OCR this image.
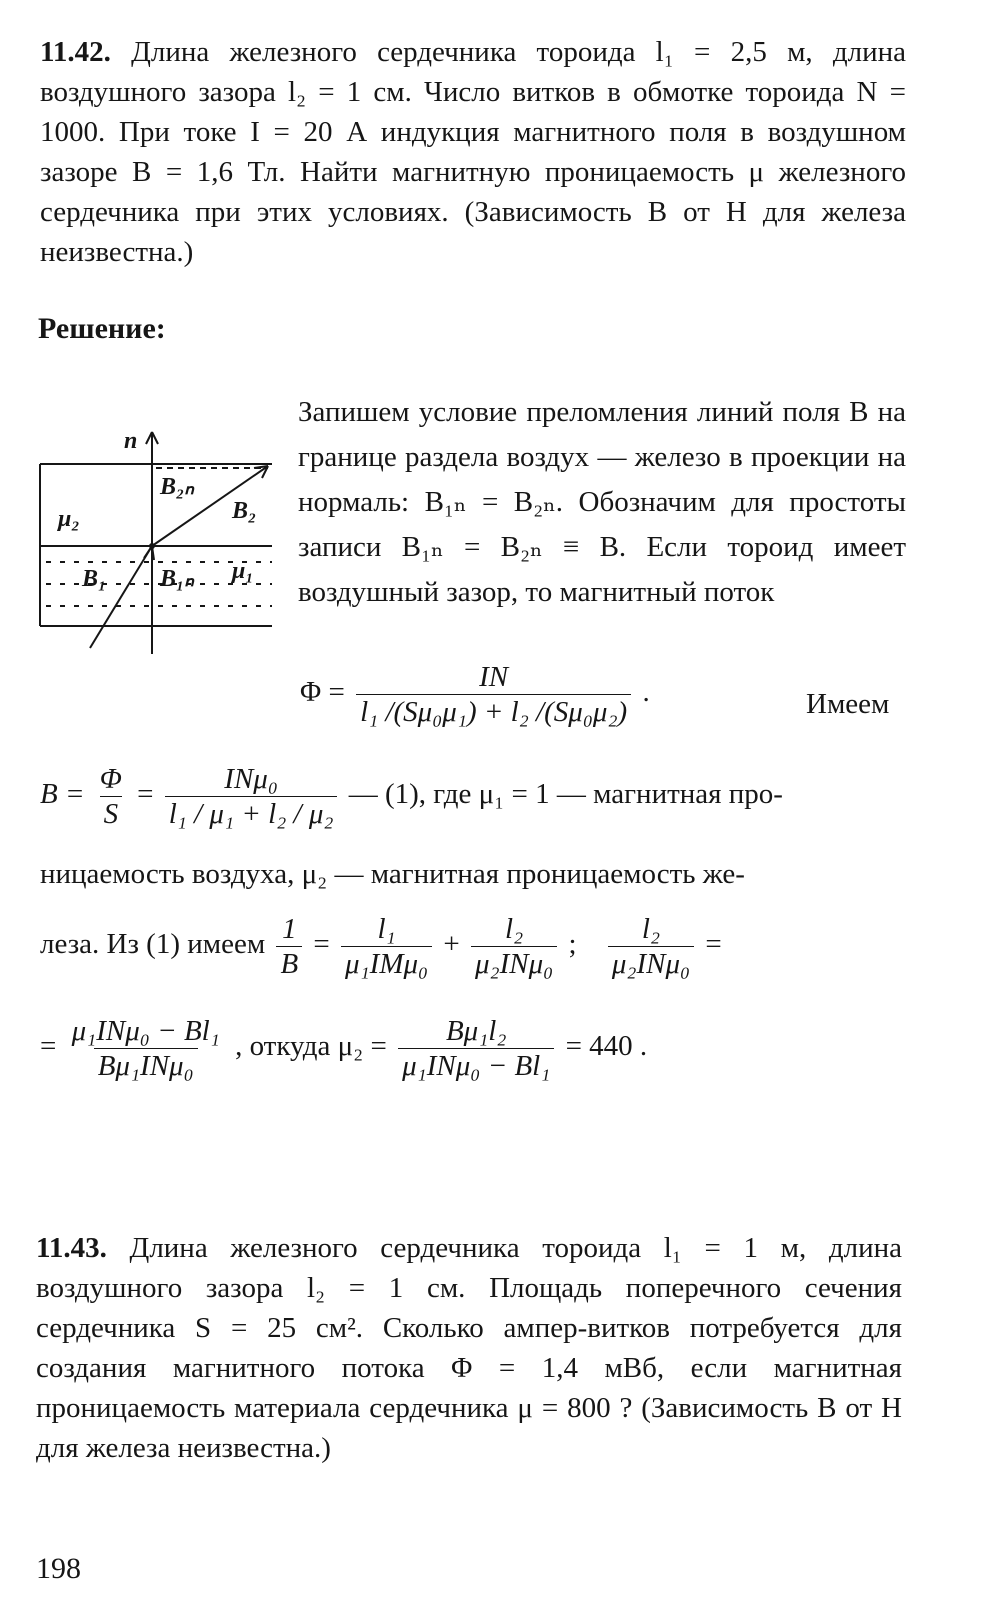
11.42. Длина железного сердечника тороида l₁ = 2,5 м, длина воздушного зазора l₂ = 1 см. Число витков в обмотке тороида N = 1000. При токе I = 20 А индукция магнитного поля в воздушном зазоре B = 1,6 Тл. Найти магнитную проницаемость μ железного сердечника при этих условиях. (Зависимость B от H для железа неизвестна.)

Решение:
n
B₂ₙ
B₂
μ₂
B₁ B₁ₙ μ₁

Запишем условие преломления линий поля B на границе раздела воздух — железо в проекции на нормаль: B₁ₙ = B₂ₙ. Обозначим для простоты записи B₁ₙ = B₂ₙ ≡ B. Если тороид имеет воздушный зазор, то магнитный поток

$\Phi = \frac{IN}{\text{l₁ /(Sμ₀μ₁) + l₂ /(Sμ₀μ₂)}}$ .	Имеем
$B = \frac{\Phi}{S} = \frac{\text{INμ₀}}{\text{l₁ / μ₁ + l₂ / μ₂}}$ — (1), где μ₁ = 1 — магнитная про-
ницаемость воздуха, μ₂ — магнитная проницаемость же-
леза. Из (1) имеем $\frac{1}{B} = \frac{\text{l₁}}{\text{μ₁IMμ₀}} + \frac{\text{l₂}}{\text{μ₂INμ₀}}$ ; $\frac{\text{l₂}}{\text{μ₂INμ₀}}$ =
= $\frac{\text{μ₁INμ₀ − Bl₁}}{\text{Bμ₁INμ₀}}$ , откуда $\mu_2 = \frac{\text{Bμ₁l₂}}{\text{μ₁INμ₀ − Bl₁}} = 440$ .

11.43. Длина железного сердечника тороида l₁ = 1 м, длина воздушного зазора l₂ = 1 см. Площадь поперечного сечения сердечника S = 25 см². Сколько ампер-витков потребуется для создания магнитного потока Φ = 1,4 мВб, если магнитная проницаемость материала сердечника μ = 800 ? (Зависимость B от H для железа неизвестна.)

198
